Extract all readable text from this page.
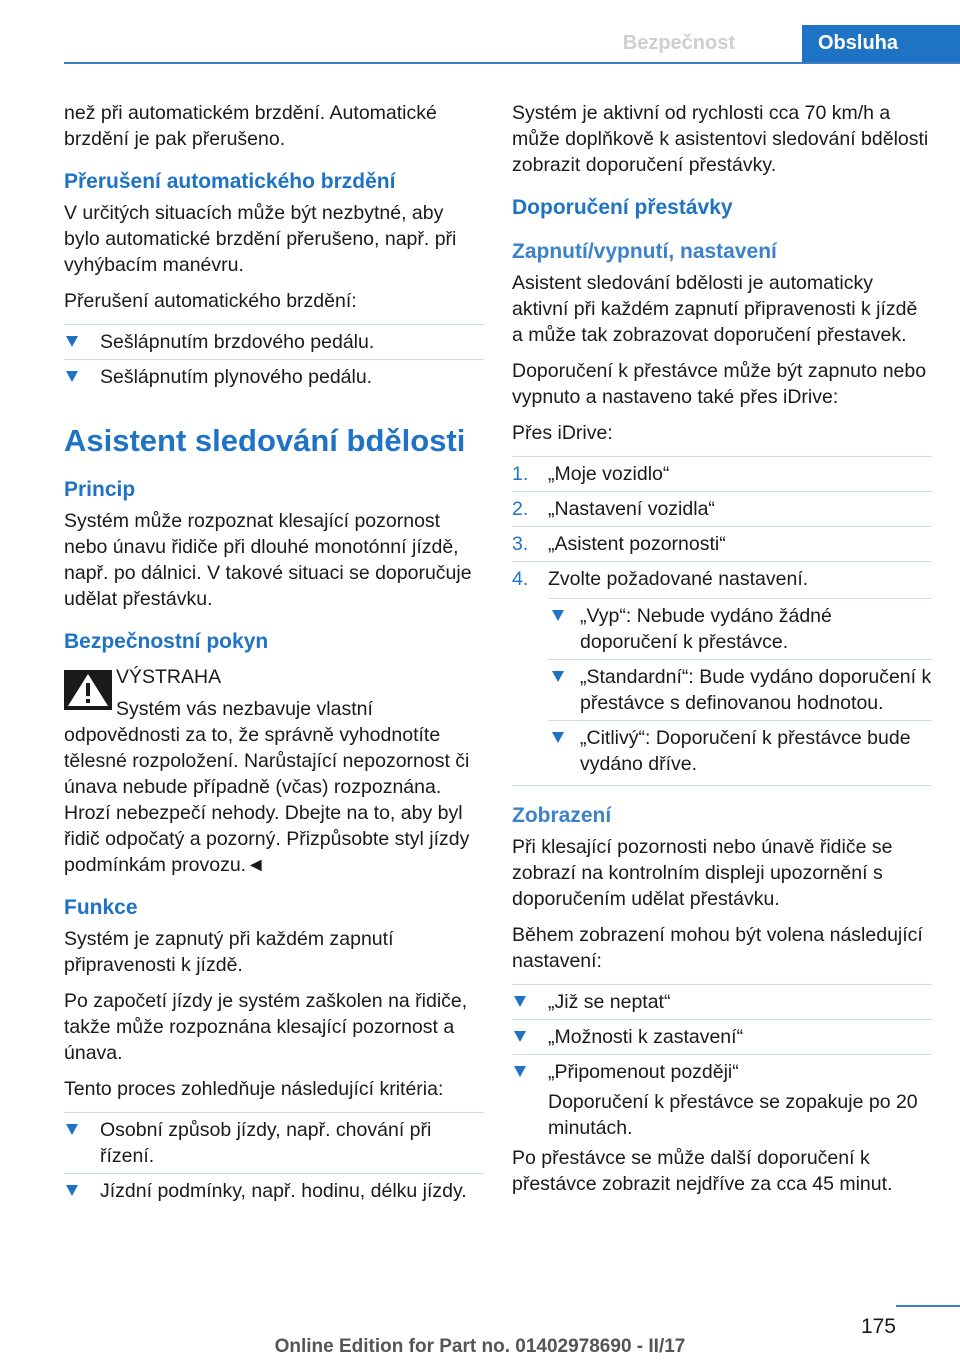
Bezpečnost	Obsluha

než při automatickém brzdění. Automatické brzdění je pak přerušeno.

Přerušení automatického brzdění

V určitých situacích může být nezbytné, aby bylo automatické brzdění přerušeno, např. při vyhýbacím manévru.

Přerušení automatického brzdění:

Sešlápnutím brzdového pedálu.
Sešlápnutím plynového pedálu.
Asistent sledování bdělosti
Princip

Systém může rozpoznat klesající pozornost nebo únavu řidiče při dlouhé monotónní jízdě, např. po dálnici. V takové situaci se doporučuje udělat přestávku.

Bezpečnostní pokyn
VÝSTRAHA

Systém vás nezbavuje vlastní odpovědnosti za to, že správně vyhodnotíte tělesné rozpoložení. Narůstající nepozornost či únava nebude případně (včas) rozpoznána. Hrozí nebezpečí nehody. Dbejte na to, aby byl řidič odpočatý a pozorný. Přizpůsobte styl jízdy podmínkám provozu.◄

Funkce

Systém je zapnutý při každém zapnutí připravenosti k jízdě.

Po započetí jízdy je systém zaškolen na řidiče, takže může rozpoznána klesající pozornost a únava.

Tento proces zohledňuje následující kritéria:

Osobní způsob jízdy, např. chování při řízení.
Jízdní podmínky, např. hodinu, délku jízdy.

Systém je aktivní od rychlosti cca 70 km/h a může doplňkově k asistentovi sledování bdělosti zobrazit doporučení přestávky.

Doporučení přestávky
Zapnutí/vypnutí, nastavení

Asistent sledování bdělosti je automaticky aktivní při každém zapnutí připravenosti k jízdě a může tak zobrazovat doporučení přestavek.

Doporučení k přestávce může být zapnuto nebo vypnuto a nastaveno také přes iDrive:

Přes iDrive:

1. „Moje vozidlo“
2. „Nastavení vozidla“
3. „Asistent pozornosti“
4. Zvolte požadované nastavení.
„Vyp“: Nebude vydáno žádné doporučení k přestávce.
„Standardní“: Bude vydáno doporučení k přestávce s definovanou hodnotou.
„Citlivý“: Doporučení k přestávce bude vydáno dříve.
Zobrazení

Při klesající pozornosti nebo únavě řidiče se zobrazí na kontrolním displeji upozornění s doporučením udělat přestávku.

Během zobrazení mohou být volena následující nastavení:

„Již se neptat“
„Možnosti k zastavení“
„Připomenout později“
Doporučení k přestávce se zopakuje po 20 minutách.

Po přestávce se může další doporučení k přestávce zobrazit nejdříve za cca 45 minut.

175
Online Edition for Part no. 01402978690 - II/17
